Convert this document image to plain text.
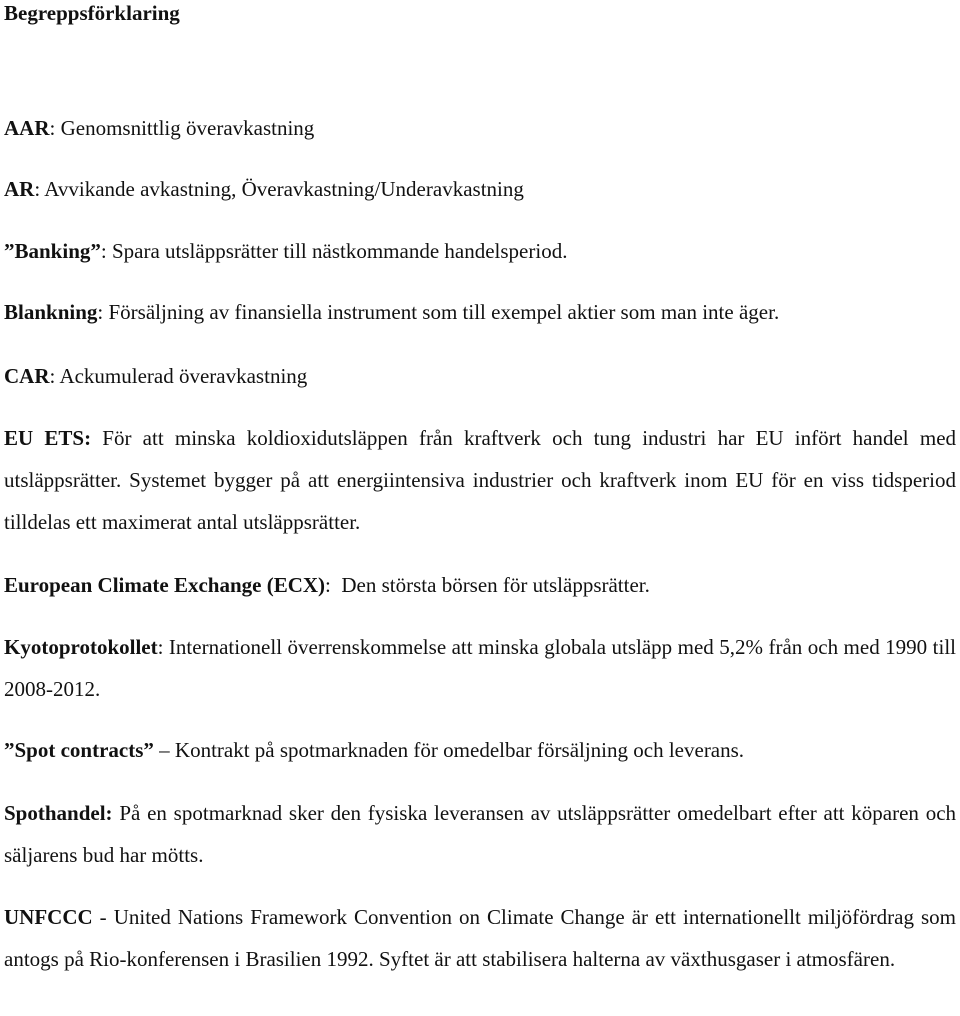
Begreppsförklaring
AAR: Genomsnittlig överavkastning
AR: Avvikande avkastning, Överavkastning/Underavkastning
”Banking”: Spara utsläppsrätter till nästkommande handelsperiod.
Blankning: Försäljning av finansiella instrument som till exempel aktier som man inte äger.
CAR: Ackumulerad överavkastning
EU ETS: För att minska koldioxidutsläppen från kraftverk och tung industri har EU infört handel med utsläppsrätter. Systemet bygger på att energiintensiva industrier och kraftverk inom EU för en viss tidsperiod tilldelas ett maximerat antal utsläppsrätter.
European Climate Exchange (ECX):  Den största börsen för utsläppsrätter.
Kyotoprotokollet: Internationell överrenskommelse att minska globala utsläpp med 5,2% från och med 1990 till 2008-2012.
”Spot contracts” – Kontrakt på spotmarknaden för omedelbar försäljning och leverans.
Spothandel: På en spotmarknad sker den fysiska leveransen av utsläppsrätter omedelbart efter att köparen och säljarens bud har mötts.
UNFCCC - United Nations Framework Convention on Climate Change är ett internationellt miljöfördrag som antogs på Rio-konferensen i Brasilien 1992. Syftet är att stabilisera halterna av växthusgaser i atmosfären.
